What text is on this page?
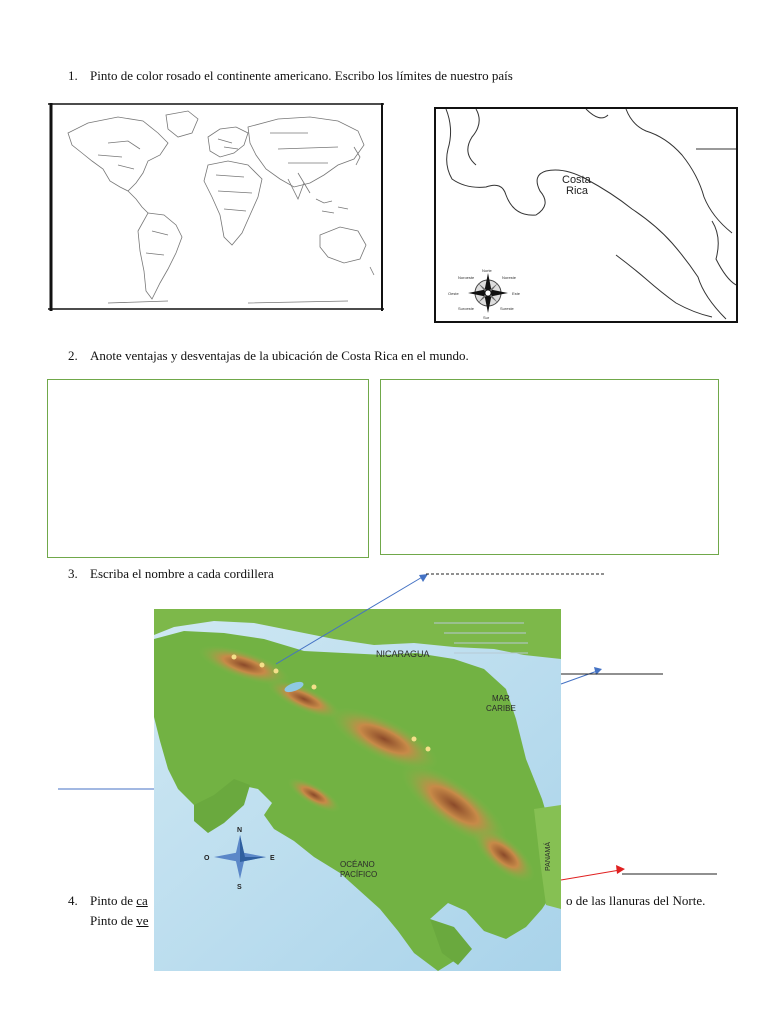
1. Pinto de color rosado el continente americano. Escribo los límites de nuestro país
Costa
Rica
Norte
Sur
Este
Oeste
Noreste
Noroeste
Sureste
Suroeste
2. Anote ventajas y desventajas de la ubicación de Costa Rica en el mundo.
3. Escriba el nombre a cada cordillera
4. Pinto de ca
Pinto de ve
o de las llanuras del Norte.
NICARAGUA
MAR
CARIBE
OCÉANO
PACÍFICO
PANAMÁ
N
S
E
O
